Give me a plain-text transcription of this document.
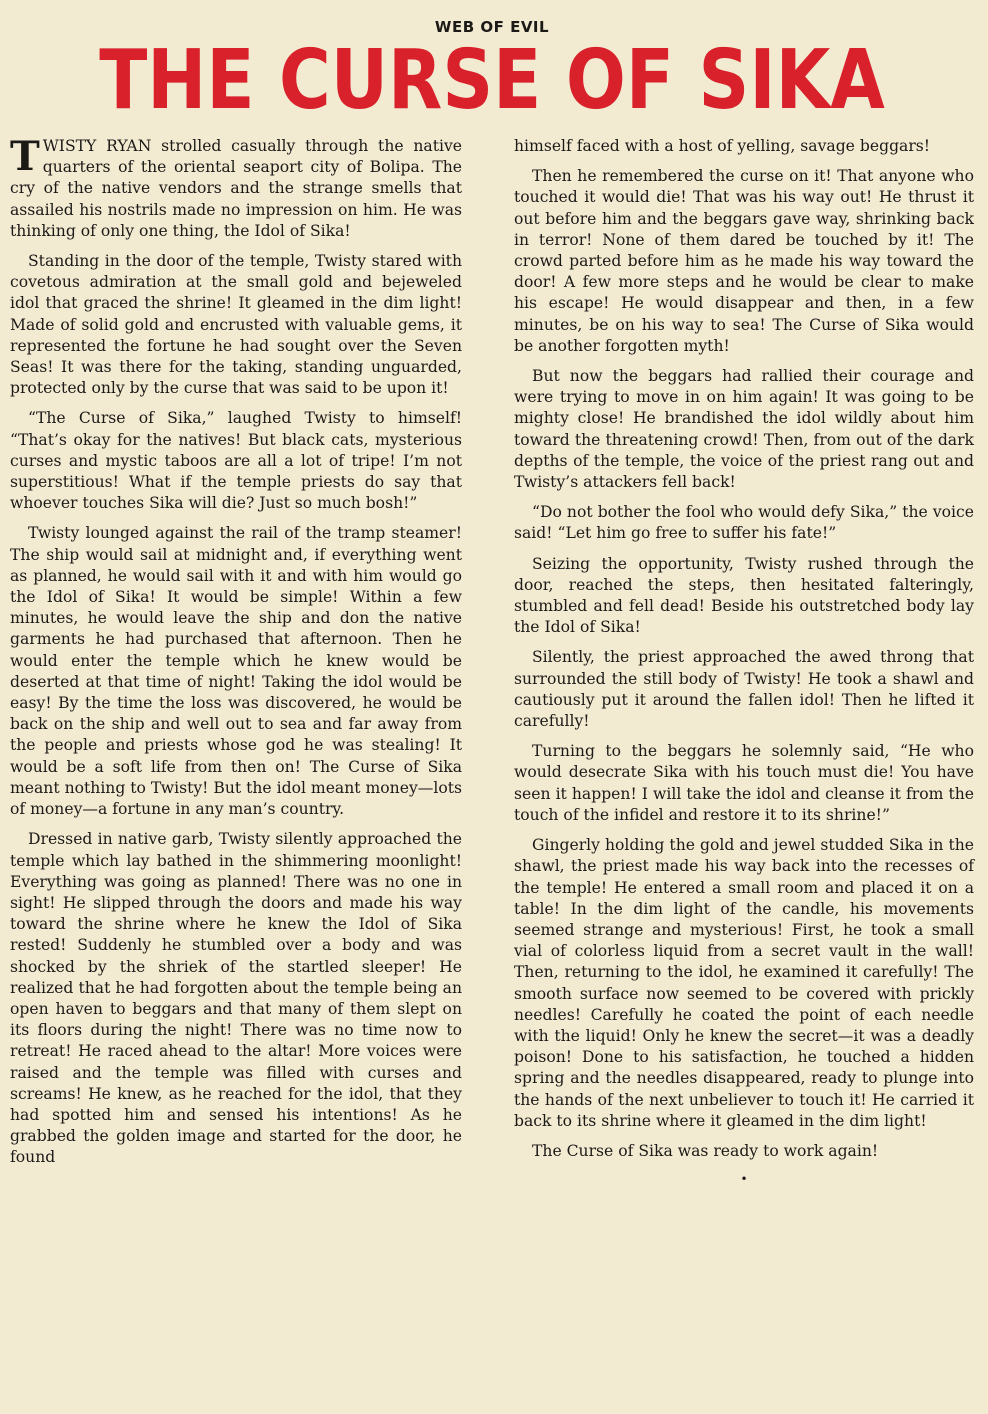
WEB OF EVIL
THE CURSE OF SIKA

TWISTY RYAN strolled casually through the native quarters of the oriental seaport city of Bolipa. The cry of the native vendors and the strange smells that assailed his nostrils made no impression on him. He was thinking of only one thing, the Idol of Sika!

Standing in the door of the temple, Twisty stared with covetous admiration at the small gold and bejeweled idol that graced the shrine! It gleamed in the dim light! Made of solid gold and encrusted with valuable gems, it represented the fortune he had sought over the Seven Seas! It was there for the taking, standing unguarded, protected only by the curse that was said to be upon it!

“The Curse of Sika,” laughed Twisty to himself! “That’s okay for the natives! But black cats, mysterious curses and mystic taboos are all a lot of tripe! I’m not superstitious! What if the temple priests do say that whoever touches Sika will die? Just so much bosh!”

Twisty lounged against the rail of the tramp steamer! The ship would sail at midnight and, if everything went as planned, he would sail with it and with him would go the Idol of Sika! It would be simple! Within a few minutes, he would leave the ship and don the native garments he had purchased that afternoon. Then he would enter the temple which he knew would be deserted at that time of night! Taking the idol would be easy! By the time the loss was discovered, he would be back on the ship and well out to sea and far away from the people and priests whose god he was stealing! It would be a soft life from then on! The Curse of Sika meant nothing to Twisty! But the idol meant money—lots of money—a fortune in any man’s country.

Dressed in native garb, Twisty silently approached the temple which lay bathed in the shimmering moonlight! Everything was going as planned! There was no one in sight! He slipped through the doors and made his way toward the shrine where he knew the Idol of Sika rested! Suddenly he stumbled over a body and was shocked by the shriek of the startled sleeper! He realized that he had forgotten about the temple being an open haven to beggars and that many of them slept on its floors during the night! There was no time now to retreat! He raced ahead to the altar! More voices were raised and the temple was filled with curses and screams! He knew, as he reached for the idol, that they had spotted him and sensed his intentions! As he grabbed the golden image and started for the door, he found

himself faced with a host of yelling, savage beggars!

Then he remembered the curse on it! That anyone who touched it would die! That was his way out! He thrust it out before him and the beggars gave way, shrinking back in terror! None of them dared be touched by it! The crowd parted before him as he made his way toward the door! A few more steps and he would be clear to make his escape! He would disappear and then, in a few minutes, be on his way to sea! The Curse of Sika would be another forgotten myth!

But now the beggars had rallied their courage and were trying to move in on him again! It was going to be mighty close! He brandished the idol wildly about him toward the threatening crowd! Then, from out of the dark depths of the temple, the voice of the priest rang out and Twisty’s attackers fell back!

“Do not bother the fool who would defy Sika,” the voice said! “Let him go free to suffer his fate!”

Seizing the opportunity, Twisty rushed through the door, reached the steps, then hesitated falteringly, stumbled and fell dead! Beside his outstretched body lay the Idol of Sika!

Silently, the priest approached the awed throng that surrounded the still body of Twisty! He took a shawl and cautiously put it around the fallen idol! Then he lifted it carefully!

Turning to the beggars he solemnly said, “He who would desecrate Sika with his touch must die! You have seen it happen! I will take the idol and cleanse it from the touch of the infidel and restore it to its shrine!”

Gingerly holding the gold and jewel studded Sika in the shawl, the priest made his way back into the recesses of the temple! He entered a small room and placed it on a table! In the dim light of the candle, his movements seemed strange and mysterious! First, he took a small vial of colorless liquid from a secret vault in the wall! Then, returning to the idol, he examined it carefully! The smooth surface now seemed to be covered with prickly needles! Carefully he coated the point of each needle with the liquid! Only he knew the secret—it was a deadly poison! Done to his satisfaction, he touched a hidden spring and the needles disappeared, ready to plunge into the hands of the next unbeliever to touch it! He carried it back to its shrine where it gleamed in the dim light!

The Curse of Sika was ready to work again!

•
